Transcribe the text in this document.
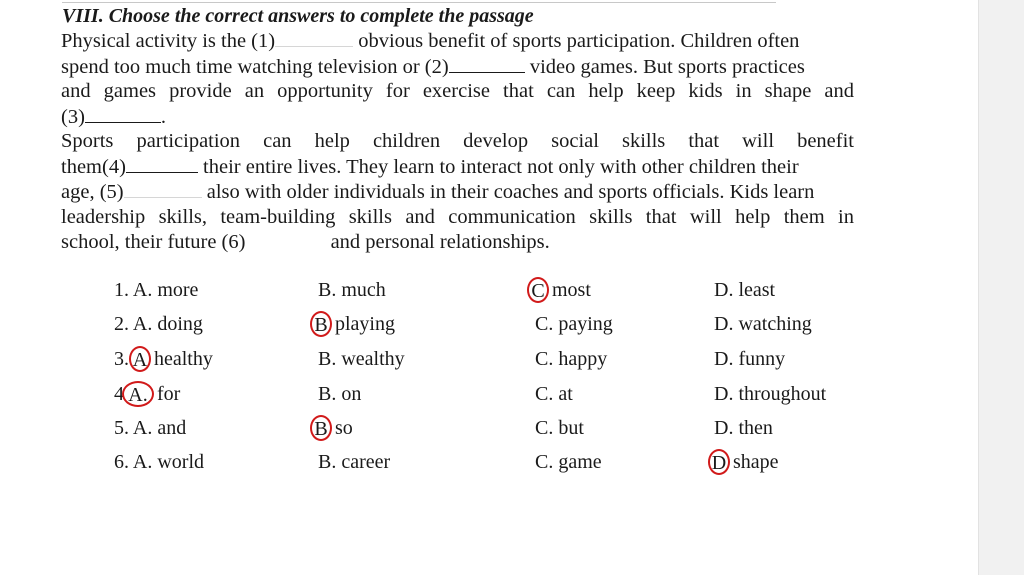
VIII. Choose the correct answers to complete the passage
Physical activity is the (1)	obvious benefit of sports participation. Children often
spend too much time watching television or (2)	video games. But sports practices
and games provide an opportunity for exercise that can help keep kids in shape and
(3)	.
Sports participation can help children develop social skills that will benefit
them(4)	their entire lives. They learn to interact not only with other children their
age, (5)	also with older individuals in their coaches and sports officials. Kids learn
leadership skills, team-building skills and communication skills that will help them in
school, their future (6)	and personal relationships.
1. A. more	B. much	C most	D. least
2. A. doing	B playing	C. paying	D. watching
3. A healthy	B. wealthy	C. happy	D. funny
4 A. for	B. on	C. at	D. throughout
5. A. and	B so	C. but	D. then
6. A. world	B. career	C. game	D shape
